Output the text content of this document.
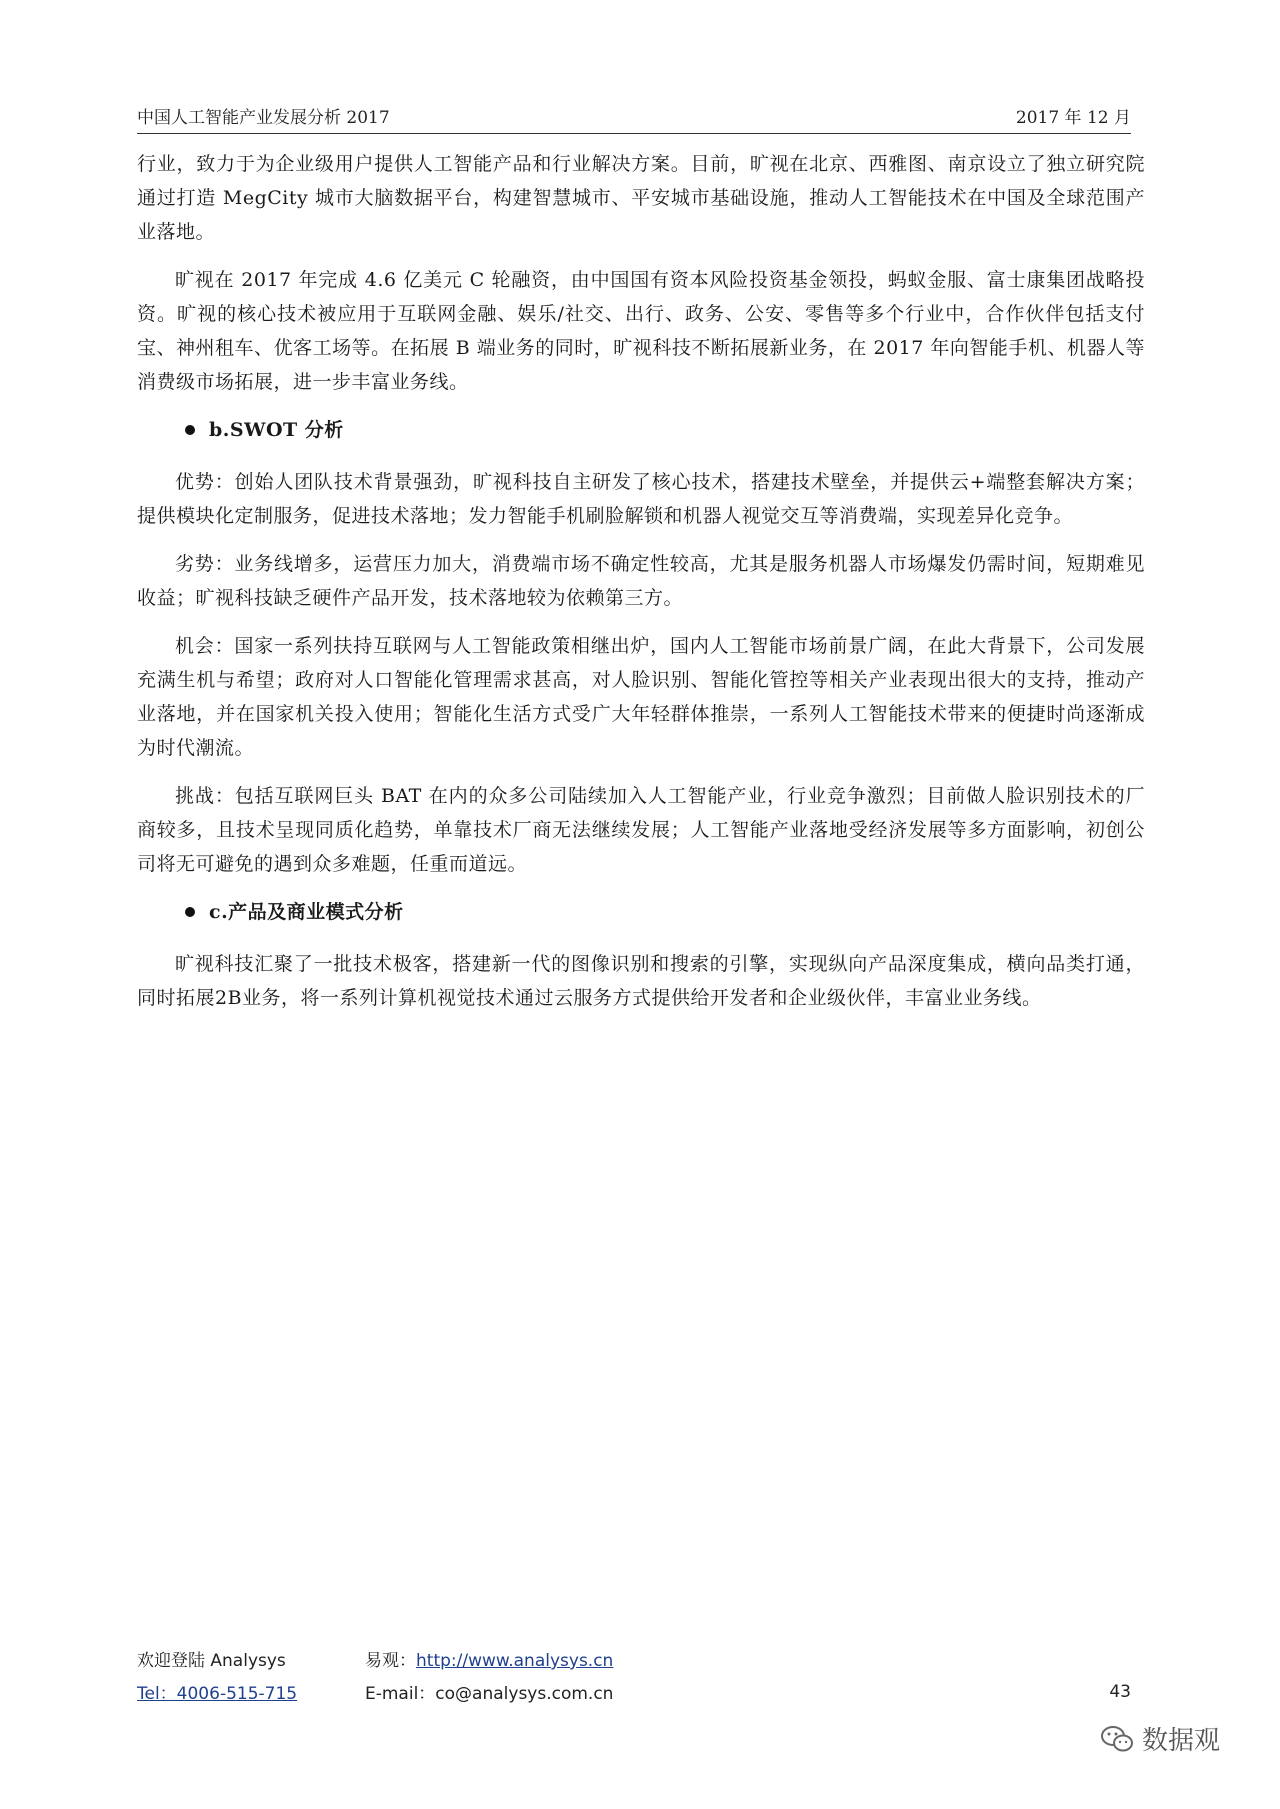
中国人工智能产业发展分析 2017	2017 年 12 月

行业，致力于为企业级用户提供人工智能产品和行业解决方案。目前，旷视在北京、西雅图、南京设立了独立研究院通过打造 MegCity 城市大脑数据平台，构建智慧城市、平安城市基础设施，推动人工智能技术在中国及全球范围产业落地。

旷视在 2017 年完成 4.6 亿美元 C 轮融资，由中国国有资本风险投资基金领投，蚂蚁金服、富士康集团战略投资。旷视的核心技术被应用于互联网金融、娱乐/社交、出行、政务、公安、零售等多个行业中，合作伙伴包括支付宝、神州租车、优客工场等。在拓展 B 端业务的同时，旷视科技不断拓展新业务，在 2017 年向智能手机、机器人等消费级市场拓展，进一步丰富业务线。

b.SWOT 分析

优势：创始人团队技术背景强劲，旷视科技自主研发了核心技术，搭建技术壁垒，并提供云+端整套解决方案；提供模块化定制服务，促进技术落地；发力智能手机刷脸解锁和机器人视觉交互等消费端，实现差异化竞争。

劣势：业务线增多，运营压力加大，消费端市场不确定性较高，尤其是服务机器人市场爆发仍需时间，短期难见收益；旷视科技缺乏硬件产品开发，技术落地较为依赖第三方。

机会：国家一系列扶持互联网与人工智能政策相继出炉，国内人工智能市场前景广阔，在此大背景下，公司发展充满生机与希望；政府对人口智能化管理需求甚高，对人脸识别、智能化管控等相关产业表现出很大的支持，推动产业落地，并在国家机关投入使用；智能化生活方式受广大年轻群体推崇，一系列人工智能技术带来的便捷时尚逐渐成为时代潮流。

挑战：包括互联网巨头 BAT 在内的众多公司陆续加入人工智能产业，行业竞争激烈；目前做人脸识别技术的厂商较多，且技术呈现同质化趋势，单靠技术厂商无法继续发展；人工智能产业落地受经济发展等多方面影响，初创公司将无可避免的遇到众多难题，任重而道远。

c.产品及商业模式分析

旷视科技汇聚了一批技术极客，搭建新一代的图像识别和搜索的引擎，实现纵向产品深度集成，横向品类打通，同时拓展2B业务，将一系列计算机视觉技术通过云服务方式提供给开发者和企业级伙伴，丰富业业务线。

欢迎登陆 Analysys	易观：http://www.analysys.cn
Tel：4006-515-715	E-mail：co@analysys.com.cn	43
数据观
